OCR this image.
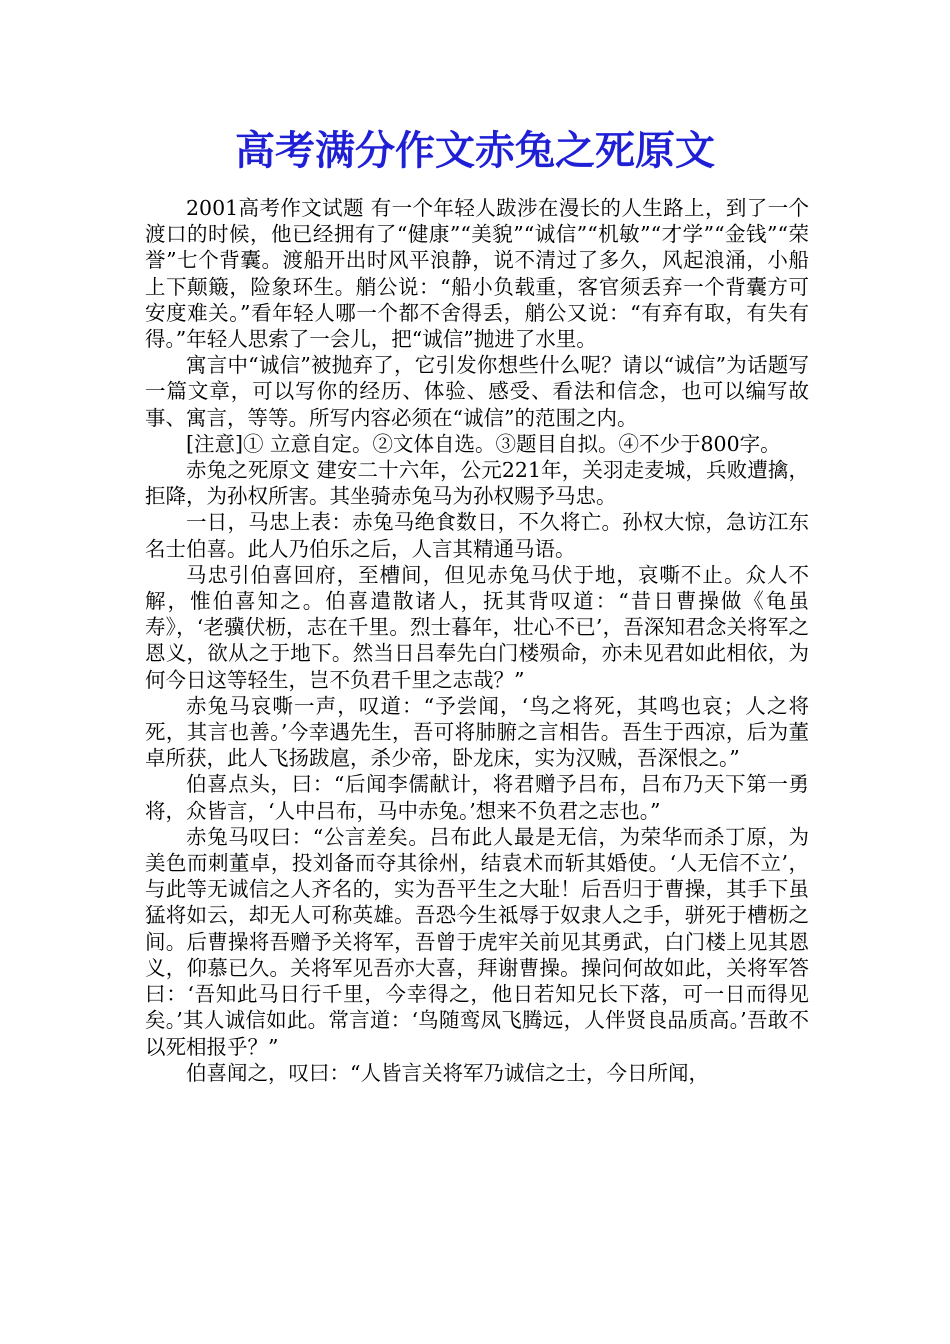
高考满分作文赤兔之死原文

2001高考作文试题 有一个年轻人跋涉在漫长的人生路上，到了一个渡口的时候，他已经拥有了“健康”“美貌”“诚信”“机敏”“才学”“金钱”“荣誉”七个背囊。渡船开出时风平浪静，说不清过了多久，风起浪涌，小船上下颠簸，险象环生。艄公说：“船小负载重，客官须丢弃一个背囊方可安度难关。”看年轻人哪一个都不舍得丢，艄公又说：“有弃有取，有失有得。”年轻人思索了一会儿，把“诚信”抛进了水里。

寓言中“诚信”被抛弃了，它引发你想些什么呢？请以“诚信”为话题写一篇文章，可以写你的经历、体验、感受、看法和信念，也可以编写故事、寓言，等等。所写内容必须在“诚信”的范围之内。

[注意]① 立意自定。②文体自选。③题目自拟。④不少于800字。

赤兔之死原文 建安二十六年，公元221年，关羽走麦城，兵败遭擒，拒降，为孙权所害。其坐骑赤兔马为孙权赐予马忠。

一日，马忠上表：赤兔马绝食数日，不久将亡。孙权大惊，急访江东名士伯喜。此人乃伯乐之后，人言其精通马语。

马忠引伯喜回府，至槽间，但见赤兔马伏于地，哀嘶不止。众人不解，惟伯喜知之。伯喜遣散诸人，抚其背叹道：“昔日曹操做《龟虽寿》，‘老骥伏枥，志在千里。烈士暮年，壮心不已’，吾深知君念关将军之恩义，欲从之于地下。然当日吕奉先白门楼殒命，亦未见君如此相依，为何今日这等轻生，岂不负君千里之志哉？”

赤兔马哀嘶一声，叹道：“予尝闻，‘鸟之将死，其鸣也哀；人之将死，其言也善。’今幸遇先生，吾可将肺腑之言相告。吾生于西凉，后为董卓所获，此人飞扬跋扈，杀少帝，卧龙床，实为汉贼，吾深恨之。”

伯喜点头，曰：“后闻李儒献计，将君赠予吕布，吕布乃天下第一勇将，众皆言，‘人中吕布，马中赤兔。’想来不负君之志也。”

赤兔马叹曰：“公言差矣。吕布此人最是无信，为荣华而杀丁原，为美色而刺董卓，投刘备而夺其徐州，结袁术而斩其婚使。‘人无信不立’，与此等无诚信之人齐名的，实为吾平生之大耻！后吾归于曹操，其手下虽猛将如云，却无人可称英雄。吾恐今生祗辱于奴隶人之手，骈死于槽枥之间。后曹操将吾赠予关将军，吾曾于虎牢关前见其勇武，白门楼上见其恩义，仰慕已久。关将军见吾亦大喜，拜谢曹操。操问何故如此，关将军答曰：‘吾知此马日行千里，今幸得之，他日若知兄长下落，可一日而得见矣。’其人诚信如此。常言道：‘鸟随鸾凤飞腾远，人伴贤良品质高。’吾敢不以死相报乎？”

伯喜闻之，叹曰：“人皆言关将军乃诚信之士，今日所闻，
